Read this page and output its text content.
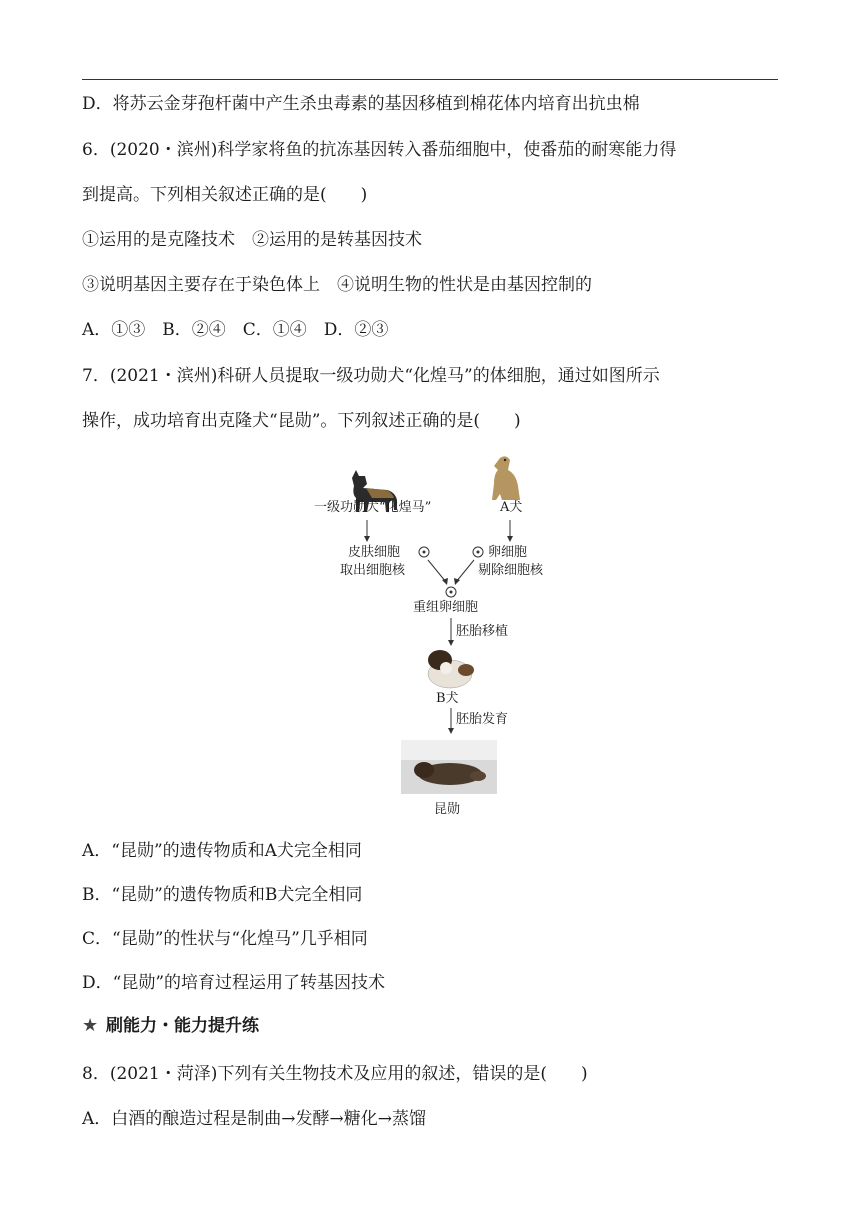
D．将苏云金芽孢杆菌中产生杀虫毒素的基因移植到棉花体内培育出抗虫棉
6．(2020・滨州)科学家将鱼的抗冻基因转入番茄细胞中，使番茄的耐寒能力得
到提高。下列相关叙述正确的是(　　)
①运用的是克隆技术　②运用的是转基因技术
③说明基因主要存在于染色体上　④说明生物的性状是由基因控制的
A．①③　B．②④　C．①④　D．②③
7．(2021・滨州)科研人员提取一级功勋犬“化煌马”的体细胞，通过如图所示
操作，成功培育出克隆犬“昆勋”。下列叙述正确的是(　　)
一级功勋犬“化煌马”	A犬
皮肤细胞
取出细胞核
卵细胞
剔除细胞核
重组卵细胞
胚胎移植
B犬
胚胎发育
昆勋
A．“昆勋”的遗传物质和A犬完全相同
B．“昆勋”的遗传物质和B犬完全相同
C．“昆勋”的性状与“化煌马”几乎相同
D．“昆勋”的培育过程运用了转基因技术
★ 刷能力・能力提升练
8．(2021・菏泽)下列有关生物技术及应用的叙述，错误的是(　　)
A．白酒的酿造过程是制曲→发酵→糖化→蒸馏
